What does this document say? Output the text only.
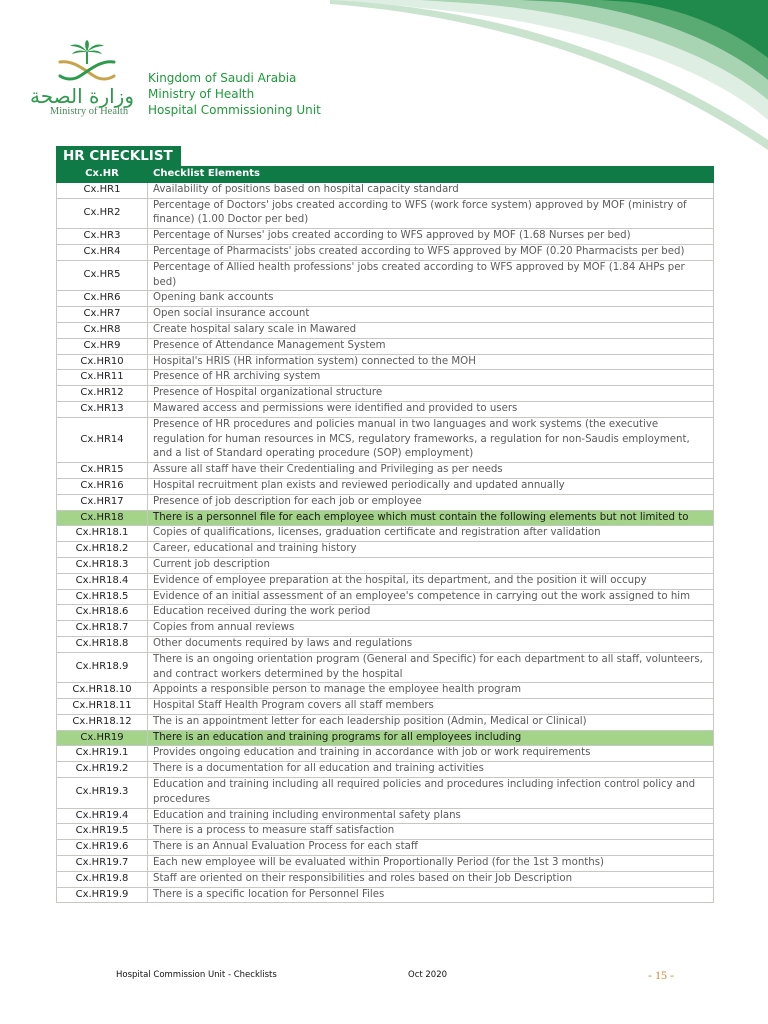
وزارة الصحة
Ministry of Health
Kingdom of Saudi Arabia
Ministry of Health
Hospital Commissioning Unit
HR CHECKLIST
Cx.HR	Checklist Elements
Cx.HR1	Availability of positions based on hospital capacity standard
Cx.HR2	Percentage of Doctors' jobs created according to WFS (work force system) approved by MOF (ministry of finance) (1.00 Doctor per bed)
Cx.HR3	Percentage of Nurses' jobs created according to WFS approved by MOF (1.68 Nurses per bed)
Cx.HR4	Percentage of Pharmacists' jobs created according to WFS approved by MOF (0.20 Pharmacists per bed)
Cx.HR5	Percentage of Allied health professions' jobs created according to WFS approved by MOF (1.84 AHPs per bed)
Cx.HR6	Opening bank accounts
Cx.HR7	Open social insurance account
Cx.HR8	Create hospital salary scale in Mawared
Cx.HR9	Presence of Attendance Management System
Cx.HR10	Hospital's HRIS (HR information system) connected to the MOH
Cx.HR11	Presence of HR archiving system
Cx.HR12	Presence of Hospital organizational structure
Cx.HR13	Mawared access and permissions were identified and provided to users
Cx.HR14	Presence of HR procedures and policies manual in two languages and work systems (the executive regulation for human resources in MCS, regulatory frameworks, a regulation for non-Saudis employment, and a list of Standard operating procedure (SOP) employment)
Cx.HR15	Assure all staff have their Credentialing and Privileging as per needs
Cx.HR16	Hospital recruitment plan exists and reviewed periodically and updated annually
Cx.HR17	Presence of job description for each job or employee
Cx.HR18	There is a personnel file for each employee which must contain the following elements but not limited to
Cx.HR18.1	Copies of qualifications, licenses, graduation certificate and registration after validation
Cx.HR18.2	Career, educational and training history
Cx.HR18.3	Current job description
Cx.HR18.4	Evidence of employee preparation at the hospital, its department, and the position it will occupy
Cx.HR18.5	Evidence of an initial assessment of an employee's competence in carrying out the work assigned to him
Cx.HR18.6	Education received during the work period
Cx.HR18.7	Copies from annual reviews
Cx.HR18.8	Other documents required by laws and regulations
Cx.HR18.9	There is an ongoing orientation program (General and Specific) for each department to all staff, volunteers, and contract workers determined by the hospital
Cx.HR18.10	Appoints a responsible person to manage the employee health program
Cx.HR18.11	Hospital Staff Health Program covers all staff members
Cx.HR18.12	The is an appointment letter for each leadership position (Admin, Medical or Clinical)
Cx.HR19	There is an education and training programs for all employees including
Cx.HR19.1	Provides ongoing education and training in accordance with job or work requirements
Cx.HR19.2	There is a documentation for all education and training activities
Cx.HR19.3	Education and training including all required policies and procedures including infection control policy and procedures
Cx.HR19.4	Education and training including environmental safety plans
Cx.HR19.5	There is a process to measure staff satisfaction
Cx.HR19.6	There is an Annual Evaluation Process for each staff
Cx.HR19.7	Each new employee will be evaluated within Proportionally Period (for the 1st 3 months)
Cx.HR19.8	Staff are oriented on their responsibilities and roles based on their Job Description
Cx.HR19.9	There is a specific location for Personnel Files
Hospital Commission Unit - Checklists	Oct 2020	- 15 -
